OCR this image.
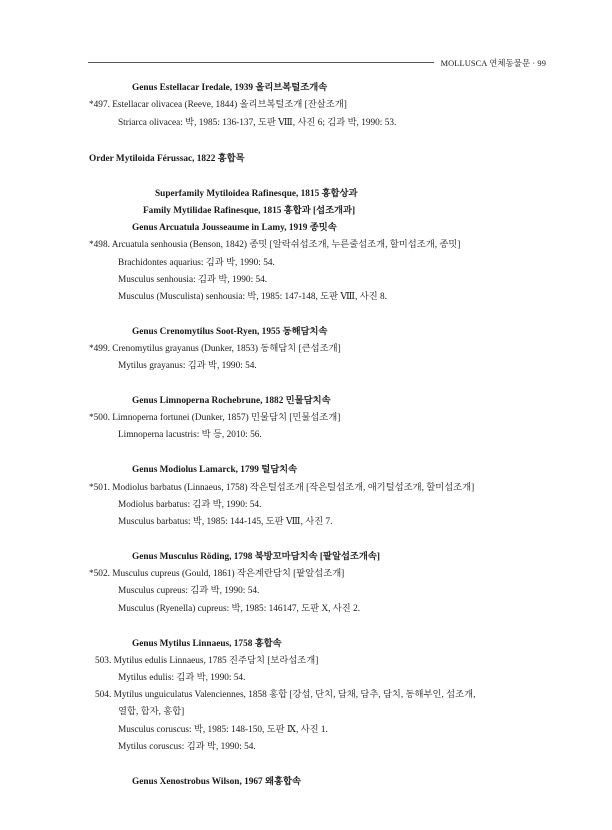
MOLLUSCA 연체동물문 · 99
Genus Estellacar Iredale, 1939 올리브복털조개속
*497. Estellacar olivacea (Reeve, 1844) 올리브복털조개 [잔살조개]
Striarca olivacea: 박, 1985: 136-137, 도판 Ⅷ, 사진 6; 김과 박, 1990: 53.
Order Mytiloida Férussac, 1822 홍합목
Superfamily Mytiloidea Rafinesque, 1815 홍합상과
Family Mytilidae Rafinesque, 1815 홍합과 [섭조개과]
Genus Arcuatula Jousseaume in Lamy, 1919 종밋속
*498. Arcuatula senhousia (Benson, 1842) 종밋 [알락쉬섭조개, 누른줄섭조개, 할미섭조개, 종밋]
Brachidontes aquarius: 김과 박, 1990: 54.
Musculus senhousia: 김과 박, 1990: 54.
Musculus (Musculista) senhousia: 박, 1985: 147-148, 도판 Ⅷ, 사진 8.
Genus Crenomytilus Soot-Ryen, 1955 동해담치속
*499. Crenomytilus grayanus (Dunker, 1853) 동해담치 [큰섭조개]
Mytilus grayanus: 김과 박, 1990: 54.
Genus Limnoperna Rochebrune, 1882 민물담치속
*500. Limnoperna fortunei (Dunker, 1857) 민물담치 [민물섭조개]
Limnoperna lacustris: 박 등, 2010: 56.
Genus Modiolus Lamarck, 1799 털담치속
*501. Modiolus barbatus (Linnaeus, 1758) 작은털섭조개 [작은털섭조개, 애기털섭조개, 할미섭조개]
Modiolus barbatus: 김과 박, 1990: 54.
Musculus barbatus: 박, 1985: 144-145, 도판 Ⅷ, 사진 7.
Genus Musculus Röding, 1798 북방꼬마담치속 [팥알섭조개속]
*502. Musculus cupreus (Gould, 1861) 작은계란담치 [팥알섭조개]
Musculus cupreus: 김과 박, 1990: 54.
Musculus (Ryenella) cupreus: 박, 1985: 146147, 도판 X, 사진 2.
Genus Mytilus Linnaeus, 1758 홍합속
503. Mytilus edulis Linnaeus, 1785 진주담치 [보라섭조개]
Mytilus edulis: 김과 박, 1990: 54.
504. Mytilus unguiculatus Valenciennes, 1858 홍합 [강섭, 단치, 담채, 담추, 담치, 동해부인, 섭조개,
열합, 합자, 홍합]
Musculus coruscus: 박, 1985: 148-150, 도판 Ⅸ, 사진 1.
Mytilus coruscus: 김과 박, 1990: 54.
Genus Xenostrobus Wilson, 1967 왜홍합속
